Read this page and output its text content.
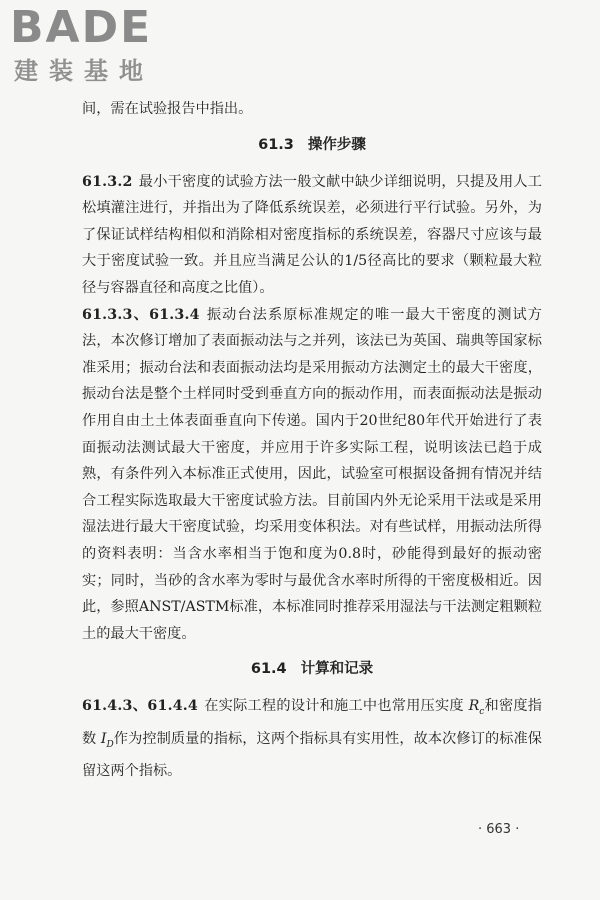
BADE
建装基地

间，需在试验报告中指出。

61.3 操作步骤

61.3.2 最小干密度的试验方法一般文献中缺少详细说明，只提及用人工松填灌注进行，并指出为了降低系统误差，必须进行平行试验。另外，为了保证试样结构相似和消除相对密度指标的系统误差，容器尺寸应该与最大于密度试验一致。并且应当满足公认的1/5径高比的要求（颗粒最大粒径与容器直径和高度之比值）。

61.3.3、61.3.4 振动台法系原标准规定的唯一最大干密度的测试方法，本次修订增加了表面振动法与之并列，该法已为英国、瑞典等国家标准采用；振动台法和表面振动法均是采用振动方法测定土的最大干密度，振动台法是整个土样同时受到垂直方向的振动作用，而表面振动法是振动作用自由土土体表面垂直向下传递。国内于20世纪80年代开始进行了表面振动法测试最大干密度，并应用于许多实际工程，说明该法已趋于成熟，有条件列入本标准正式使用，因此，试验室可根据设备拥有情况并结合工程实际选取最大干密度试验方法。目前国内外无论采用干法或是采用湿法进行最大干密度试验，均采用变体积法。对有些试样，用振动法所得的资料表明：当含水率相当于饱和度为0.8时，砂能得到最好的振动密实；同时，当砂的含水率为零时与最优含水率时所得的干密度极相近。因此，参照ANST/ASTM标准，本标准同时推荐采用湿法与干法测定粗颗粒土的最大干密度。

61.4 计算和记录

61.4.3、61.4.4 在实际工程的设计和施工中也常用压实度 $R_c$和密度指数 $I_D$作为控制质量的指标，这两个指标具有实用性，故本次修订的标准保留这两个指标。

· 663 ·
